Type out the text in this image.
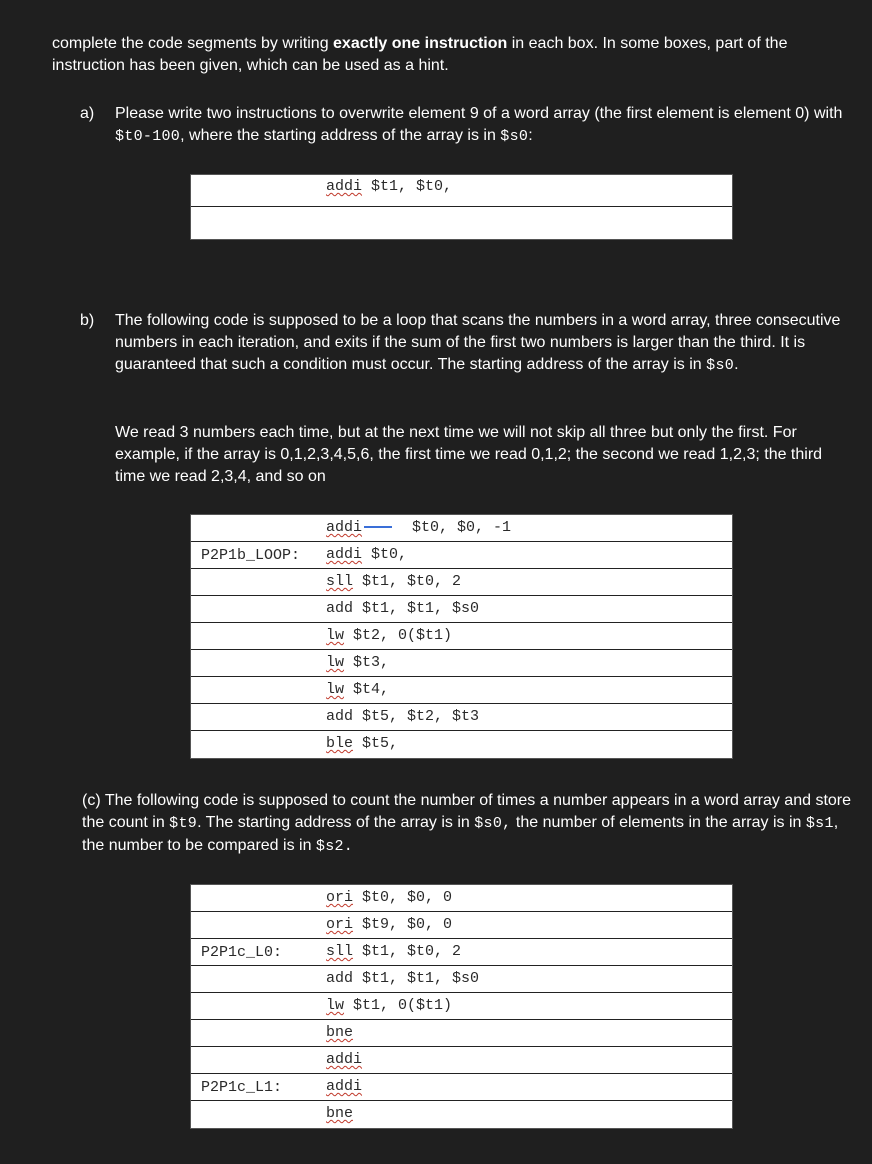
complete the code segments by writing exactly one instruction in each box. In some boxes, part of the instruction has been given, which can be used as a hint.

a) Please write two instructions to overwrite element 9 of a word array (the first element is element 0) with $t0-100, where the starting address of the array is in $s0:

addi $t1, $t0,
b) The following code is supposed to be a loop that scans the numbers in a word array, three consecutive numbers in each iteration, and exits if the sum of the first two numbers is larger than the third. It is guaranteed that such a condition must occur. The starting address of the array is in $s0.

We read 3 numbers each time, but at the next time we will not skip all three but only the first. For example, if the array is 0,1,2,3,4,5,6, the first time we read 0,1,2; the second we read 1,2,3; the third time we read 2,3,4, and so on

addi  $t0, $0, -1
P2P1b_LOOP: addi $t0,
sll $t1, $t0, 2
add $t1, $t1, $s0
lw $t2, 0($t1)
lw $t3,
lw $t4,
add $t5, $t2, $t3
ble $t5,

(c) The following code is supposed to count the number of times a number appears in a word array and store the count in $t9. The starting address of the array is in $s0, the number of elements in the array is in $s1, the number to be compared is in $s2.

ori $t0, $0, 0
ori $t9, $0, 0
P2P1c_L0:	sll $t1, $t0, 2
add $t1, $t1, $s0
lw $t1, 0($t1)
bne
addi
P2P1c_L1:	addi
bne
